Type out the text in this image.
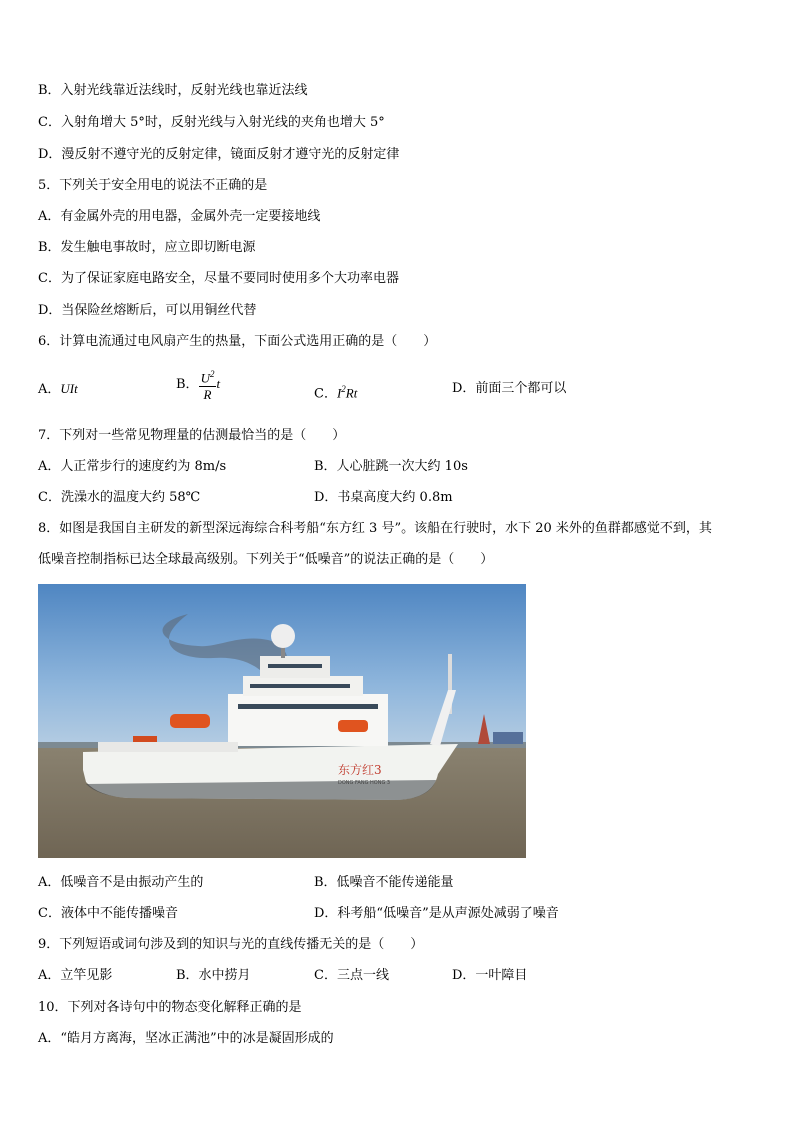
B．入射光线靠近法线时，反射光线也靠近法线
C．入射角增大 5°时，反射光线与入射光线的夹角也增大 5°
D．漫反射不遵守光的反射定律，镜面反射才遵守光的反射定律
5．下列关于安全用电的说法不正确的是
A．有金属外壳的用电器，金属外壳一定要接地线
B．发生触电事故时，应立即切断电源
C．为了保证家庭电路安全，尽量不要同时使用多个大功率电器
D．当保险丝熔断后，可以用铜丝代替
6．计算电流通过电风扇产生的热量，下面公式选用正确的是（　　）
A．UIt	B． $\frac{U^2}{R}$ t
C．$I^2Rt$	D．前面三个都可以
7．下列对一些常见物理量的估测最恰当的是（　　）
A．人正常步行的速度约为 8m/s	B．人心脏跳一次大约 10s
C．洗澡水的温度大约 58℃	D．书桌高度大约 0.8m
8．如图是我国自主研发的新型深远海综合科考船“东方红 3 号”。该船在行驶时，水下 20 米外的鱼群都感觉不到，其
低噪音控制指标已达全球最高级别。下列关于“低噪音”的说法正确的是（　　）
东方红3
DONG FANG HONG 3
A．低噪音不是由振动产生的	B．低噪音不能传递能量
C．液体中不能传播噪音	D．科考船“低噪音”是从声源处减弱了噪音
9．下列短语或词句涉及到的知识与光的直线传播无关的是（　　）
A．立竿见影	B．水中捞月	C．三点一线	D．一叶障目
10．下列对各诗句中的物态变化解释正确的是
A．“皓月方离海，坚冰正满池”中的冰是凝固形成的
